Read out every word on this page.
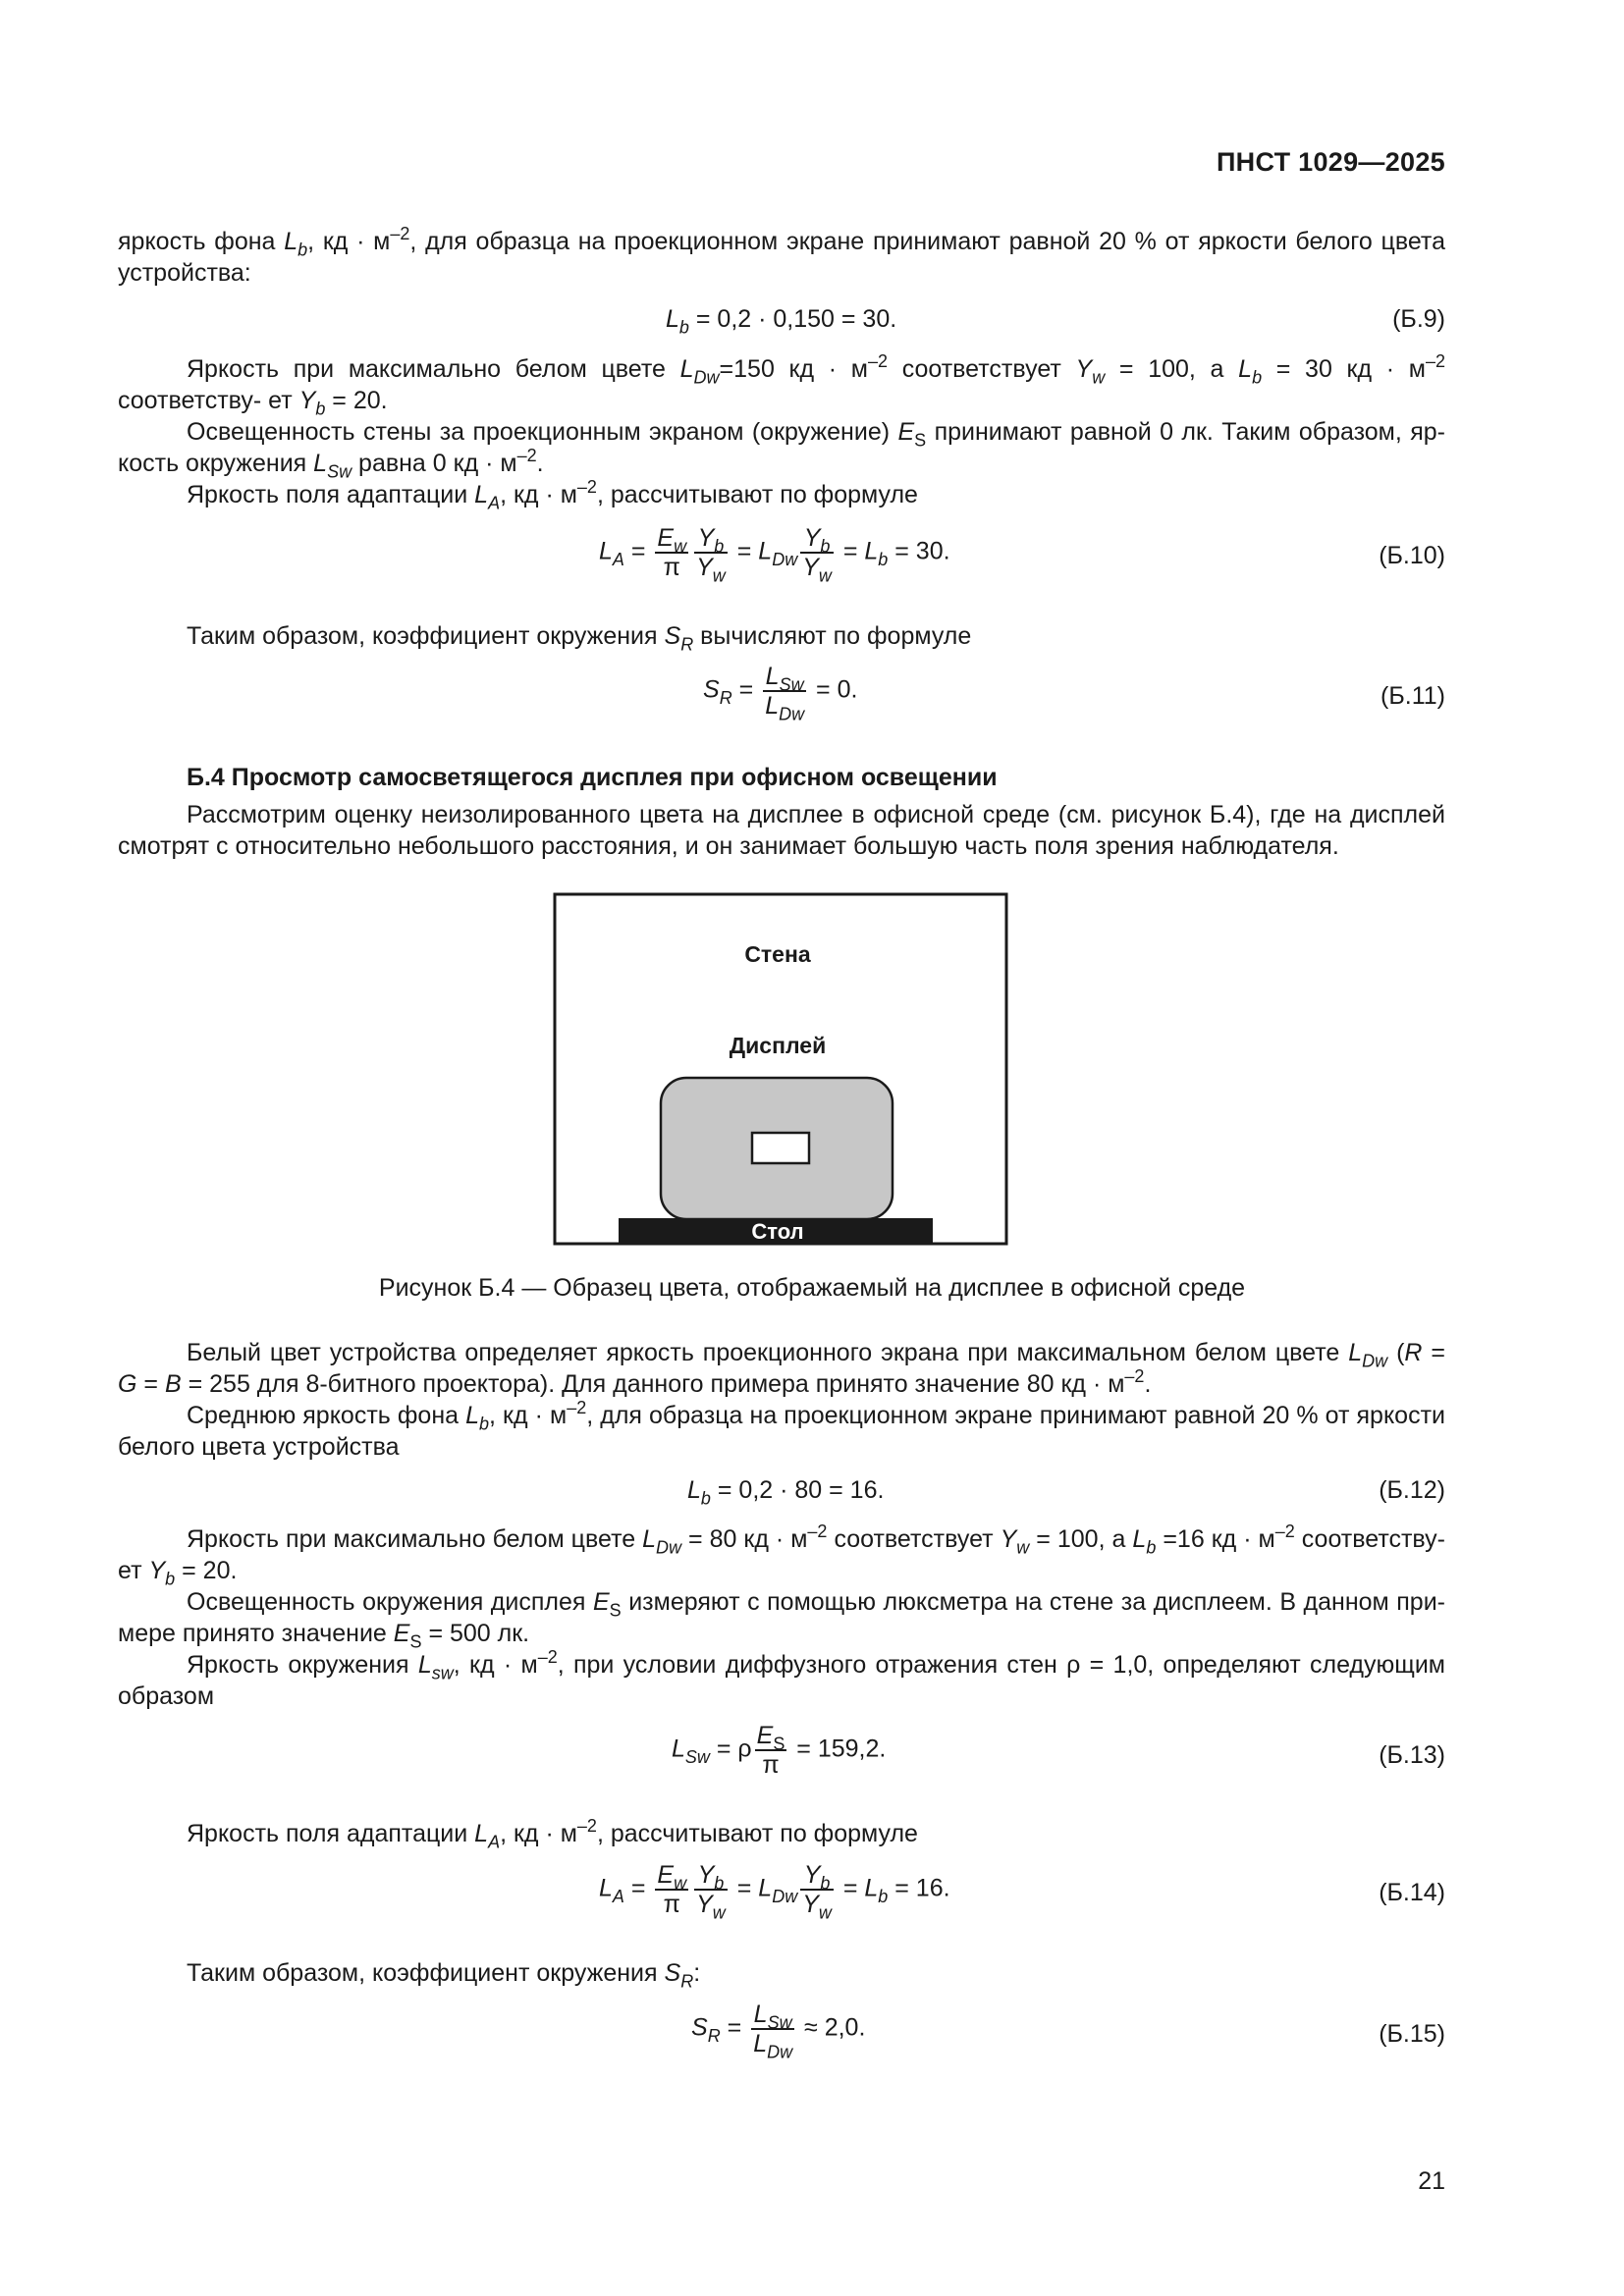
ПНСТ 1029—2025
яркость фона $L_b$, кд · $м^{-2}$, для образца на проекционном экране принимают равной 20 % от яркости белого цвета устройства:
$L_b = 0,2 \cdot 0,150 = 30$.	(Б.9)
Яркость при максимально белом цвете $L_{Dw}=150$ кд · $м^{-2}$ соответствует $Y_w = 100$, а $L_b = 30$ кд · $м^{-2}$ соответству- ет $Y_b = 20$.
Освещенность стены за проекционным экраном (окружение) $E_S$ принимают равной 0 лк. Таким образом, яр- кость окружения $L_{Sw}$ равна 0 кд · $м^{-2}$.
Яркость поля адаптации $L_A$, кд · $м^{-2}$, рассчитывают по формуле
$L_A = \frac{E_w}{\pi} \frac{Y_b}{Y_w} = L_{Dw} \frac{Y_b}{Y_w} = L_b = 30$.	(Б.10)
Таким образом, коэффициент окружения $S_R$ вычисляют по формуле
$S_R = \frac{L_{Sw}}{L_{Dw}} = 0$.	(Б.11)
Б.4 Просмотр самосветящегося дисплея при офисном освещении
Рассмотрим оценку неизолированного цвета на дисплее в офисной среде (см. рисунок Б.4), где на дисплей смотрят с относительно небольшого расстояния, и он занимает большую часть поля зрения наблюдателя.
Стена
Дисплей
Стол
Рисунок Б.4 — Образец цвета, отображаемый на дисплее в офисной среде
Белый цвет устройства определяет яркость проекционного экрана при максимальном белом цвете $L_{Dw}$ (R = G = B = 255 для 8-битного проектора). Для данного примера принято значение 80 кд · $м^{-2}$.
Среднюю яркость фона $L_b$, кд · $м^{-2}$, для образца на проекционном экране принимают равной 20 % от яркости белого цвета устройства
$L_b = 0,2 \cdot 80 = 16$.	(Б.12)
Яркость при максимально белом цвете $L_{Dw} = 80$ кд · $м^{-2}$ соответствует $Y_w = 100$, а $L_b =16$ кд · $м^{-2}$ соответству- ет $Y_b = 20$.
Освещенность окружения дисплея $E_S$ измеряют с помощью люксметра на стене за дисплеем. В данном при- мере принято значение $E_S = 500$ лк.
Яркость окружения $L_{sw}$, кд · $м^{-2}$, при условии диффузного отражения стен ρ = 1,0, определяют следующим образом
$L_{Sw} = \rho \frac{E_S}{\pi} = 159,2$.	(Б.13)
Яркость поля адаптации $L_A$, кд · $м^{-2}$, рассчитывают по формуле
$L_A = \frac{E_w}{\pi} \frac{Y_b}{Y_w} = L_{Dw} \frac{Y_b}{Y_w} = L_b = 16$.	(Б.14)
Таким образом, коэффициент окружения $S_R$:
$S_R = \frac{L_{Sw}}{L_{Dw}} \approx 2,0$.	(Б.15)
21
